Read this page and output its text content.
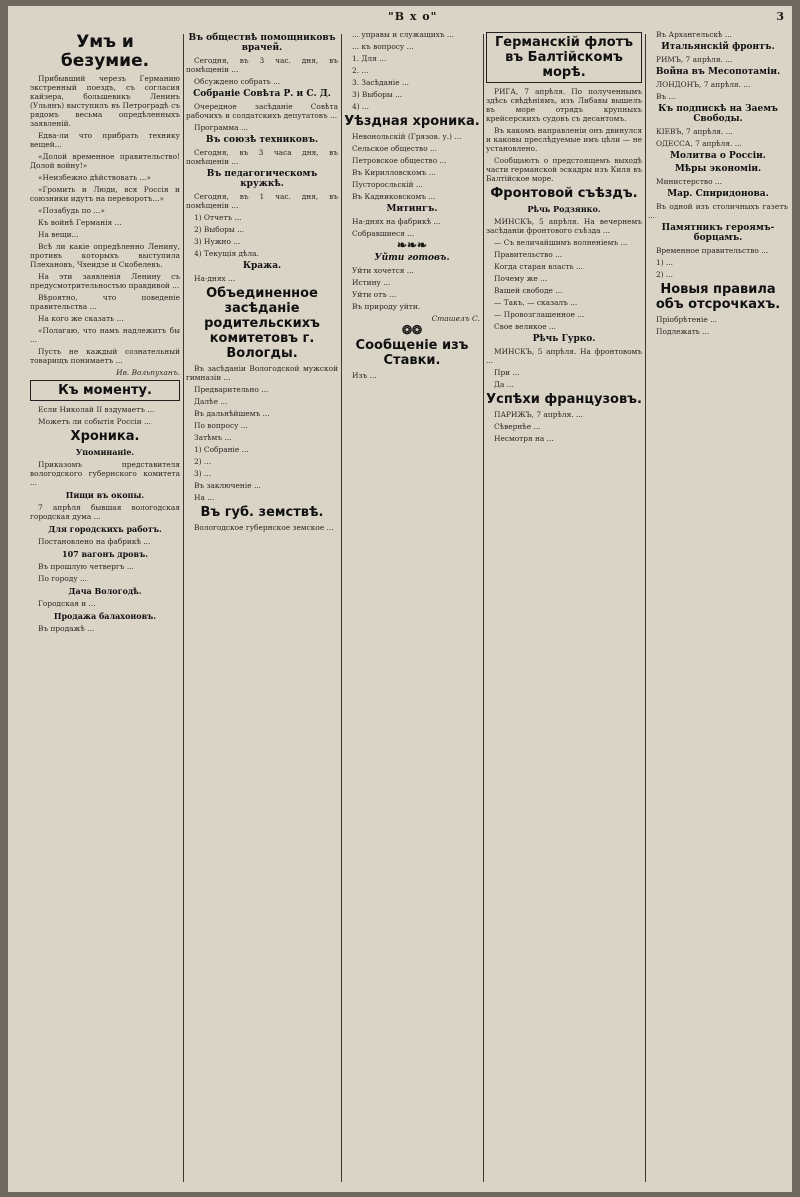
"В х о"	3
Умъ и безумие.

Прибывший черезъ Германию экстренный поездъ, съ согласия кайзера, большевикъ Ленинъ (Ульянъ) выступилъ въ Петроградѣ съ рядомъ весьма опредѣленныхъ заявленій.

Едва-ли что прибрать технику вещей...

«Долой временное правительство! Долой войну!»

«Неизбежно дѣйствовать ...»

«Громить и Люди, вся Россiя и союзники идутъ на переворотъ...»

«Позабудь по ...»

Къ войнѣ Германія ...

На вещи...

Всѣ ли какіе опредѣленно Ленину, противъ которыхъ выступила Плехановъ, Чхеидзе и Скобелевъ.

На эти заявленія Ленину съ предусмотрительностью правдивой ...

Вѣроятно, что поведеніе правительства ...

На кого же сказать ...

«Полагаю, что намъ надлежитъ бы ...

Пусть не каждый сознательный товарищъ понимаетъ ...

Ив. Вольпуханъ.

Къ моменту.

Если Николай II вздумаетъ ...

Можетъ ли событія Россіи ...

Хроника.
Упоминаніе.

Приказомъ представителя вологодского губернского комитета ...

Пищи въ окопы.

7 апрѣля бывшая вологодская городская дума ...

Для городскихъ работъ.

Постановлено на фабрикѣ ...

107 вагонъ дровъ.

Въ прошлую четвергъ ...

По городу ...

Дача Вологодѣ.

Городская и ...

Продажа балахоновъ.

Въ продажѣ ...

Въ обществѣ помощниковъ врачей.

Сегодня, въ 3 час. дня, въ помѣщеніи ...

Обсуждено собрать ...

Собраніе Совѣта Р. и С. Д.

Очередное засѣданіе Совѣта рабочихъ и солдатскихъ депутатовъ ...

Программа ...

Въ союзѣ техниковъ.

Сегодня, въ 3 часа дня, въ помѣщеніи ...

Въ педагогическомъ кружкѣ.

Сегодня, въ 1 час. дня, въ помѣщеніи ...

1) Отчетъ ...

2) Выборы ...

3) Нужно ...

4) Текущія дѣла.

Кража.

На-днях ...

Объединенное засѣданіе родительскихъ комитетовъ г. Вологды.

Въ засѣданіи Вологодской мужской гимназіи ...

Предварительно ...

Далѣе ...

Въ дальнѣйшемъ ...

По вопросу ...

Затѣмъ ...

1) Собраніе ...

2) ...

3) ...

Въ заключеніе ...

На ...

Въ губ. земствѣ.

Вологодское губернское земское ...

... управы и служащихъ ...

... къ вопросу ...

1. Для ...

2. ...

3. Засѣданіе ...

3) Выборы ...

4) ...

Уѣздная хроника.

Невонольскій (Грязов. у.) ...

Сельское общество ...

Петровское общество ...

Въ Кирилловскомъ ...

Пусторосльскій ...

Въ Кадниковскомъ ...

Митингъ.

На-днях на фабрикѣ ...

Собравшиеся ...

❧❧❧
Уйти готовъ.

Уйти хочется ...

Истину ...

Уйти отъ ...

Въ природу уйти.

Сташелъ С.

❂❂
Сообщеніе изъ Ставки.

Изъ ...

Германскій флотъ въ Балтійскомъ морѣ.

РИГА, 7 апрѣля. По полученнымъ здѣсь свѣдѣніямъ, изъ Либавы вышелъ въ море отрядъ крупныхъ крейсерскихъ судовъ съ десантомъ.

Въ какомъ направленіи онъ двинулся и каковы преслѣдуемые имъ цѣли — не установлено.

Сообщаютъ о предстоящемъ выходѣ части германской эскадры изъ Киля въ Балтійское море.

Фронтовой съѣздъ.
Рѣчь Родзянко.

МИНСКЪ, 5 апрѣля. На вечернемъ засѣданіи фронтового съѣзда ...

— Съ величайшимъ волненіемъ ...

Правительство ...

Когда старая власть ...

Почему же ...

Вашей свободе ...

— Такъ, — сказалъ ...

— Провозглашенное ...

Свое великое ...

Рѣчь Гурко.

МИНСКЪ, 5 апрѣля. На фронтовомъ ...

При ...

Да ...

Успѣхи французовъ.

ПАРИЖЪ, 7 апрѣля. ...

Сѣвернѣе ...

Несмотря на ...

Въ Архангельскѣ ...

Итальянскій фронтъ.

РИМЪ, 7 апрѣля. ...

Война въ Месопотаміи.

ЛОНДОНЪ, 7 апрѣля. ...

Въ ...

Къ подпискѣ на Заемъ Свободы.

КІЕВЪ, 7 апрѣля. ...

ОДЕССА, 7 апрѣля. ...

Молитва о Россіи.
Мѣры экономіи.

Министерство ...

Мар. Спиридонова.

Въ одной изъ столичныхъ газетъ ...

Памятникъ героямъ-борцамъ.

Временное правительство ...

1) ...

2) ...

Новыя правила объ отсрочкахъ.

Пріобрѣтеніе ...

Подлежать ...
